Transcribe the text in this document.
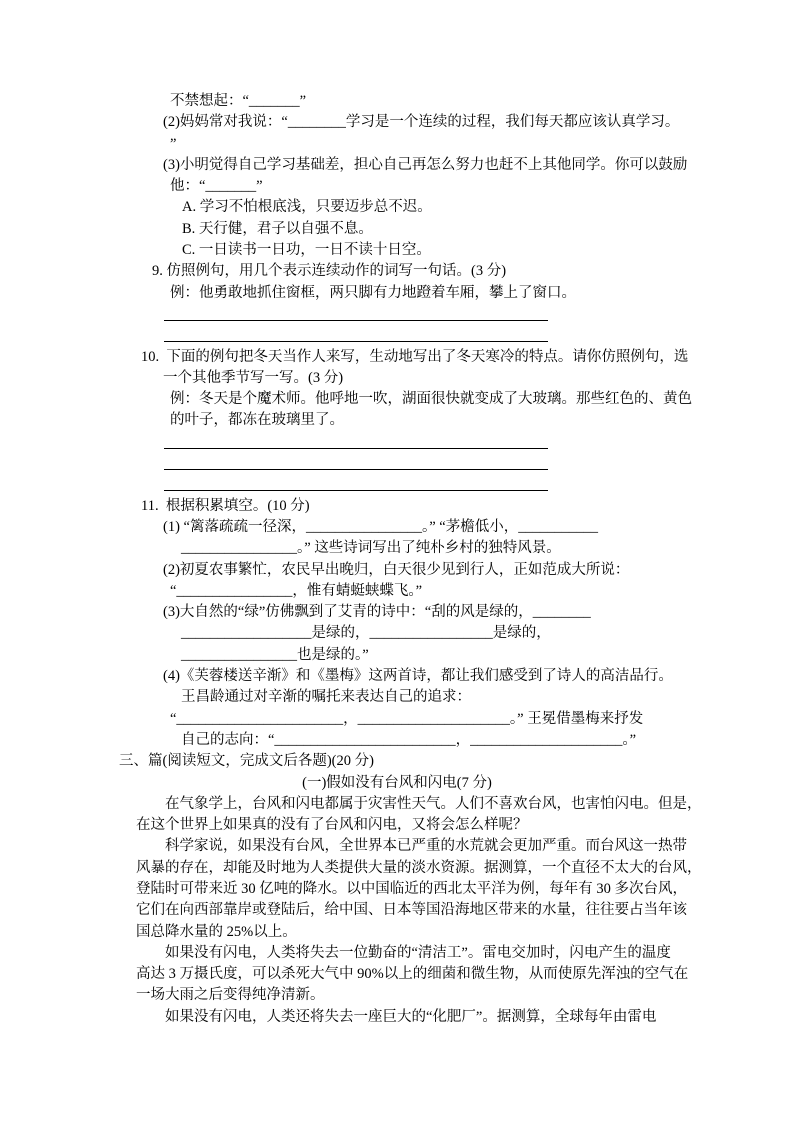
不禁想起：“_______”
(2)妈妈常对我说：“________学习是一个连续的过程，我们每天都应该认真学习。
”
(3)小明觉得自己学习基础差，担心自己再怎么努力也赶不上其他同学。你可以鼓励
他：“_______”
A. 学习不怕根底浅，只要迈步总不迟。
B. 天行健，君子以自强不息。
C. 一日读书一日功，一日不读十日空。
9. 仿照例句，用几个表示连续动作的词写一句话。(3 分)
例：他勇敢地抓住窗框，两只脚有力地蹬着车厢，攀上了窗口。
10.  下面的例句把冬天当作人来写，生动地写出了冬天寒冷的特点。请你仿照例句，选
一个其他季节写一写。(3 分)
例：冬天是个魔术师。他呼地一吹，湖面很快就变成了大玻璃。那些红色的、黄色
的叶子，都冻在玻璃里了。
11.  根据积累填空。(10 分)
(1) “篱落疏疏一径深，________________。” “茅檐低小，___________
________________。” 这些诗词写出了纯朴乡村的独特风景。
(2)初夏农事繁忙，农民早出晚归，白天很少见到行人，正如范成大所说：
“________________，惟有蜻蜓蛱蝶飞。”
(3)大自然的“绿”仿佛飘到了艾青的诗中：“刮的风是绿的，________
__________________是绿的，_________________是绿的，
________________也是绿的。”
(4)《芙蓉楼送辛渐》和《墨梅》这两首诗，都让我们感受到了诗人的高洁品行。
王昌龄通过对辛渐的嘱托来表达自己的追求：
“_______________________，_____________________。” 王冕借墨梅来抒发
自己的志向：“_________________________，_____________________。”
三、篇(阅读短文，完成文后各题)(20 分)
(一)假如没有台风和闪电(7 分)
在气象学上，台风和闪电都属于灾害性天气。人们不喜欢台风，也害怕闪电。但是，
在这个世界上如果真的没有了台风和闪电，又将会怎么样呢？
科学家说，如果没有台风，全世界本已严重的水荒就会更加严重。而台风这一热带
风暴的存在，却能及时地为人类提供大量的淡水资源。据测算，一个直径不太大的台风，
登陆时可带来近 30 亿吨的降水。以中国临近的西北太平洋为例，每年有 30 多次台风，
它们在向西部靠岸或登陆后，给中国、日本等国沿海地区带来的水量，往往要占当年该
国总降水量的 25%以上。
如果没有闪电，人类将失去一位勤奋的“清洁工”。雷电交加时，闪电产生的温度
高达 3 万摄氏度，可以杀死大气中 90%以上的细菌和微生物，从而使原先浑浊的空气在
一场大雨之后变得纯净清新。
如果没有闪电，人类还将失去一座巨大的“化肥厂”。据测算，全球每年由雷电
